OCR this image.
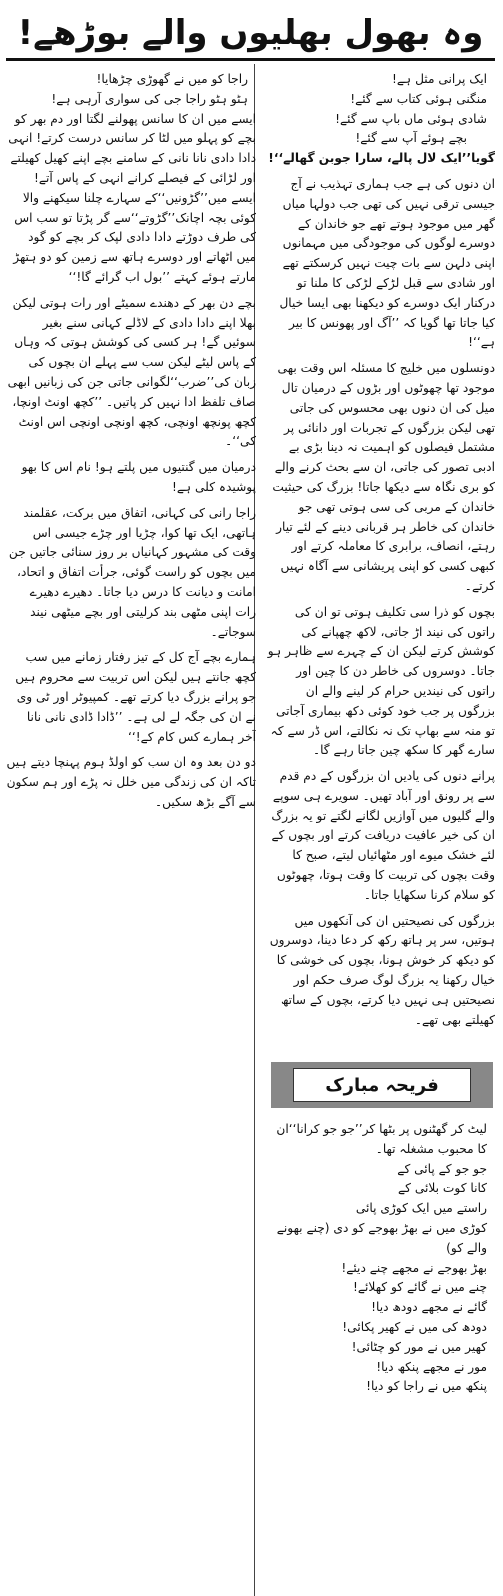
وہ بھول بھلیوں والے بوڑھے!

ایک پرانی مثل ہے!

منگنی ہوئی کتاب سے گئے!

شادی ہوئی ماں باپ سے گئے!

بچے ہوئے آپ سے گئے!

گویا’’ایک لال پالے، سارا جوبن گھالے‘‘!

ان دنوں کی ہے جب ہماری تہذیب نے آج جیسی ترقی نہیں کی تھی جب دولہا میاں گھر میں موجود ہوتے تھے جو خاندان کے دوسرے لوگوں کی موجودگی میں مہمانوں اپنی دلہن سے بات چیت نہیں کرسکتے تھے اور شادی سے قبل لڑکے لڑکی کا ملنا تو درکنار ایک دوسرے کو دیکھنا بھی ایسا خیال کیا جاتا تھا گویا کہ ’’آگ اور پھونس کا بیر ہے‘‘!

دونسلوں میں خلیج کا مسئلہ اس وقت بھی موجود تھا چھوٹوں اور بڑوں کے درمیان تال میل کی ان دنوں بھی محسوس کی جاتی تھی لیکن بزرگوں کے تجربات اور دانائی پر مشتمل فیصلوں کو اہمیت نہ دینا بڑی بے ادبی تصور کی جاتی، ان سے بحث کرنے والے کو بری نگاہ سے دیکھا جاتا! بزرگ کی حیثیت خاندان کے مربی کی سی ہوتی تھی جو خاندان کی خاطر ہر قربانی دینے کے لئے تیار رہتے، انصاف، برابری کا معاملہ کرتے اور کبھی کسی کو اپنی پریشانی سے آگاہ نہیں کرتے۔

بچوں کو ذرا سی تکلیف ہوتی تو ان کی راتوں کی نیند اڑ جاتی، لاکھ چھپانے کی کوشش کرتے لیکن ان کے چہرے سے ظاہر ہو جاتا۔ دوسروں کی خاطر دن کا چین اور راتوں کی نیندیں حرام کر لینے والے ان بزرگوں پر جب خود کوئی دکھ بیماری آجاتی تو منہ سے بھاپ تک نہ نکالتے، اس ڈر سے کہ سارے گھر کا سکھ چین جاتا رہے گا۔

پرانے دنوں کی یادیں ان بزرگوں کے دم قدم سے پر رونق اور آباد تھیں۔ سویرے ہی سوپے والے گلیوں میں آوازیں لگانے لگتے تو یہ بزرگ ان کی خیر عافیت دریافت کرتے اور بچوں کے لئے خشک میوے اور مٹھائیاں لیتے، صبح کا وقت بچوں کی تربیت کا وقت ہوتا، چھوٹوں کو سلام کرنا سکھایا جاتا۔

بزرگوں کی نصیحتیں ان کی آنکھوں میں ہوتیں، سر پر ہاتھ رکھ کر دعا دینا، دوسروں کو دیکھ کر خوش ہونا، بچوں کی خوشی کا خیال رکھنا یہ بزرگ لوگ صرف حکم اور نصیحتیں ہی نہیں دیا کرتے، بچوں کے ساتھ کھیلتے بھی تھے۔

فریحہ مبارک

لیٹ کر گھٹنوں پر بٹھا کر’’جو جو کرانا‘‘ان کا محبوب مشغلہ تھا۔

جو جو کے پائی کے

کانا کوت بلائی کے

راستے میں ایک کوڑی پائی

کوڑی میں نے بھڑ بھوجے کو دی (چنے بھونے والے کو)

بھڑ بھوجے نے مجھے چنے دیئے!

چنے میں نے گائے کو کھلائے!

گائے نے مجھے دودھ دیا!

دودھ کی میں نے کھیر پکائی!

کھیر میں نے مور کو چٹائی!

مور نے مجھے پنکھ دیا!

پنکھ میں نے راجا کو دیا!

راجا کو میں نے گھوڑی چڑھایا!

ہٹو ہٹو راجا جی کی سواری آرہی ہے!

ایسے میں ان کا سانس پھولنے لگتا اور دم بھر کو بچے کو پہلو میں لٹا کر سانس درست کرتے! انہی دادا دادی نانا نانی کے سامنے بچے اپنے کھیل کھیلتے اور لڑائی کے فیصلے کرانے انہی کے پاس آتے! ایسے میں’’گڑونیں‘‘کے سہارے چلنا سیکھنے والا کوئی بچہ اچانک’’گڑوتے‘‘سے گر پڑتا تو سب اس کی طرف دوڑتے دادا دادی لپک کر بچے کو گود میں اٹھاتے اور دوسرے ہاتھ سے زمین کو دو ہتھڑ مارتے ہوئے کہتے ’’بول اب گرائے گا!‘‘

بچے دن بھر کے دھندے سمیٹے اور رات ہوتی لیکن بھلا اپنے دادا دادی کے لاڈلے کہانی سنے بغیر سوئیں گے! ہر کسی کی کوشش ہوتی کہ وہاں کے پاس لیٹے لیکن سب سے پہلے ان بچوں کی زبان کی’’ضرب‘‘لگوانی جاتی جن کی زبانیں ابھی صاف تلفظ ادا نہیں کر پاتیں۔ ’’کچھ اونٹ اونچا، کچھ پونچھ اونچی، کچھ اونچی اونچی اس اونٹ کی‘‘۔

درمیان میں گنتیوں میں پلتے ہو! نام اس کا بھو پوشیدہ کلی ہے!

راجا رانی کی کہانی، اتفاق میں برکت، عقلمند ہاتھی، ایک تھا کوا، چڑیا اور چڑے جیسی اس وقت کی مشہور کہانیاں بر روز سنائی جاتیں جن میں بچوں کو راست گوئی، جرأت اتفاق و اتحاد، امانت و دیانت کا درس دیا جاتا۔ دھیرے دھیرے رات اپنی مٹھی بند کرلیتی اور بچے میٹھی نیند سوجاتے۔

ہمارے بچے آج کل کے تیز رفتار زمانے میں سب کچھ جانتے ہیں لیکن اس تربیت سے محروم ہیں جو پرانے بزرگ دیا کرتے تھے۔ کمپیوٹر اور ٹی وی نے ان کی جگہ لے لی ہے۔ ’’ڈادا ڈادی نانی نانا آخر ہمارے کس کام کے!‘‘

دو دن بعد وہ ان سب کو اولڈ ہوم پہنچا دیتے ہیں تاکہ ان کی زندگی میں خلل نہ پڑے اور ہم سکون سے آگے بڑھ سکیں۔
